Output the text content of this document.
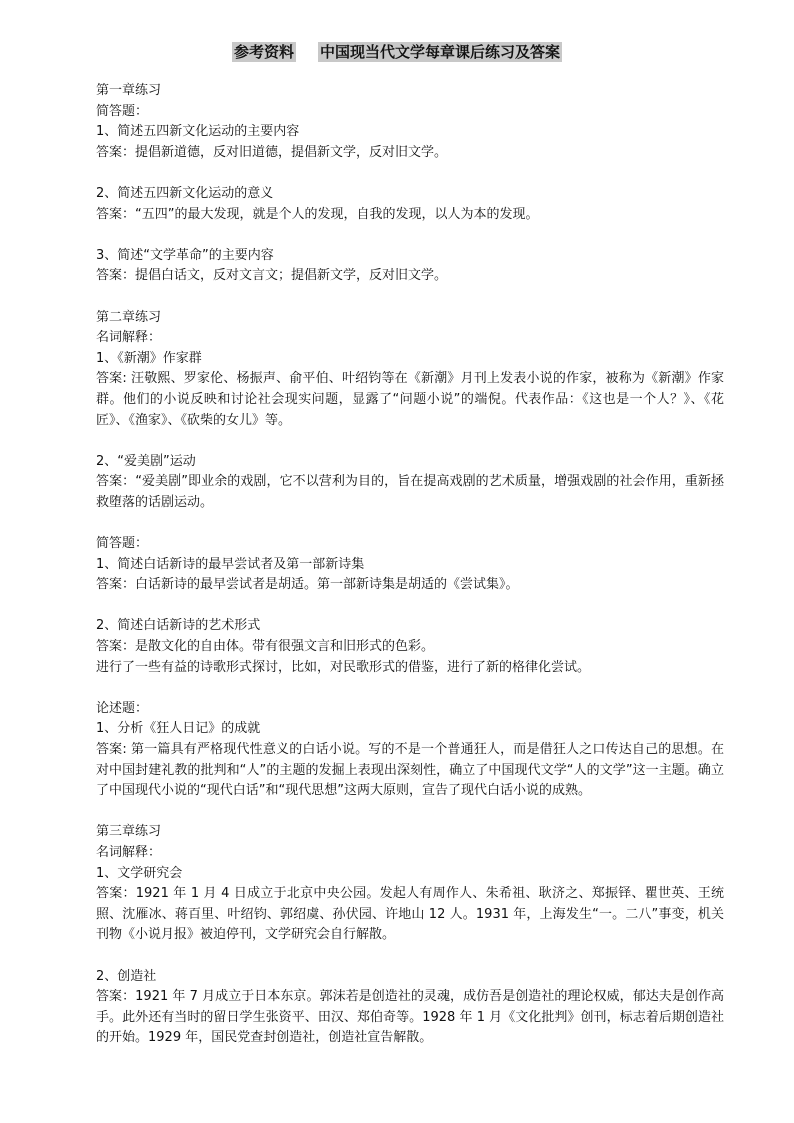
参考资料 中国现当代文学每章课后练习及答案
第一章练习
简答题：
1、简述五四新文化运动的主要内容
答案：提倡新道德，反对旧道德，提倡新文学，反对旧文学。
2、简述五四新文化运动的意义
答案：“五四”的最大发现，就是个人的发现，自我的发现，以人为本的发现。
3、简述“文学革命”的主要内容
答案：提倡白话文，反对文言文；提倡新文学，反对旧文学。
第二章练习
名词解释：
1、《新潮》作家群
答案: 汪敬熙、罗家伦、杨振声、俞平伯、叶绍钧等在《新潮》月刊上发表小说的作家，被称为《新潮》作家群。他们的小说反映和讨论社会现实问题，显露了“问题小说”的端倪。代表作品：《这也是一个人？》、《花匠》、《渔家》、《砍柴的女儿》等。
2、“爱美剧”运动
答案：“爱美剧”即业余的戏剧，它不以营利为目的，旨在提高戏剧的艺术质量，增强戏剧的社会作用，重新拯救堕落的话剧运动。
简答题：
1、简述白话新诗的最早尝试者及第一部新诗集
答案：白话新诗的最早尝试者是胡适。第一部新诗集是胡适的《尝试集》。
2、简述白话新诗的艺术形式
答案：是散文化的自由体。带有很强文言和旧形式的色彩。
进行了一些有益的诗歌形式探讨，比如，对民歌形式的借鉴，进行了新的格律化尝试。
论述题：
1、分析《狂人日记》的成就
答案: 第一篇具有严格现代性意义的白话小说。写的不是一个普通狂人，而是借狂人之口传达自己的思想。在对中国封建礼教的批判和“人”的主题的发掘上表现出深刻性，确立了中国现代文学“人的文学”这一主题。确立了中国现代小说的“现代白话”和“现代思想”这两大原则，宣告了现代白话小说的成熟。
第三章练习
名词解释：
1、文学研究会
答案：1921 年 1 月 4 日成立于北京中央公园。发起人有周作人、朱希祖、耿济之、郑振铎、瞿世英、王统照、沈雁冰、蒋百里、叶绍钧、郭绍虞、孙伏园、许地山 12 人。1931 年，上海发生“一。二八”事变，机关刊物《小说月报》被迫停刊，文学研究会自行解散。
2、创造社
答案：1921 年 7 月成立于日本东京。郭沫若是创造社的灵魂，成仿吾是创造社的理论权威，郁达夫是创作高手。此外还有当时的留日学生张资平、田汉、郑伯奇等。1928 年 1 月《文化批判》创刊，标志着后期创造社的开始。1929 年，国民党查封创造社，创造社宣告解散。
